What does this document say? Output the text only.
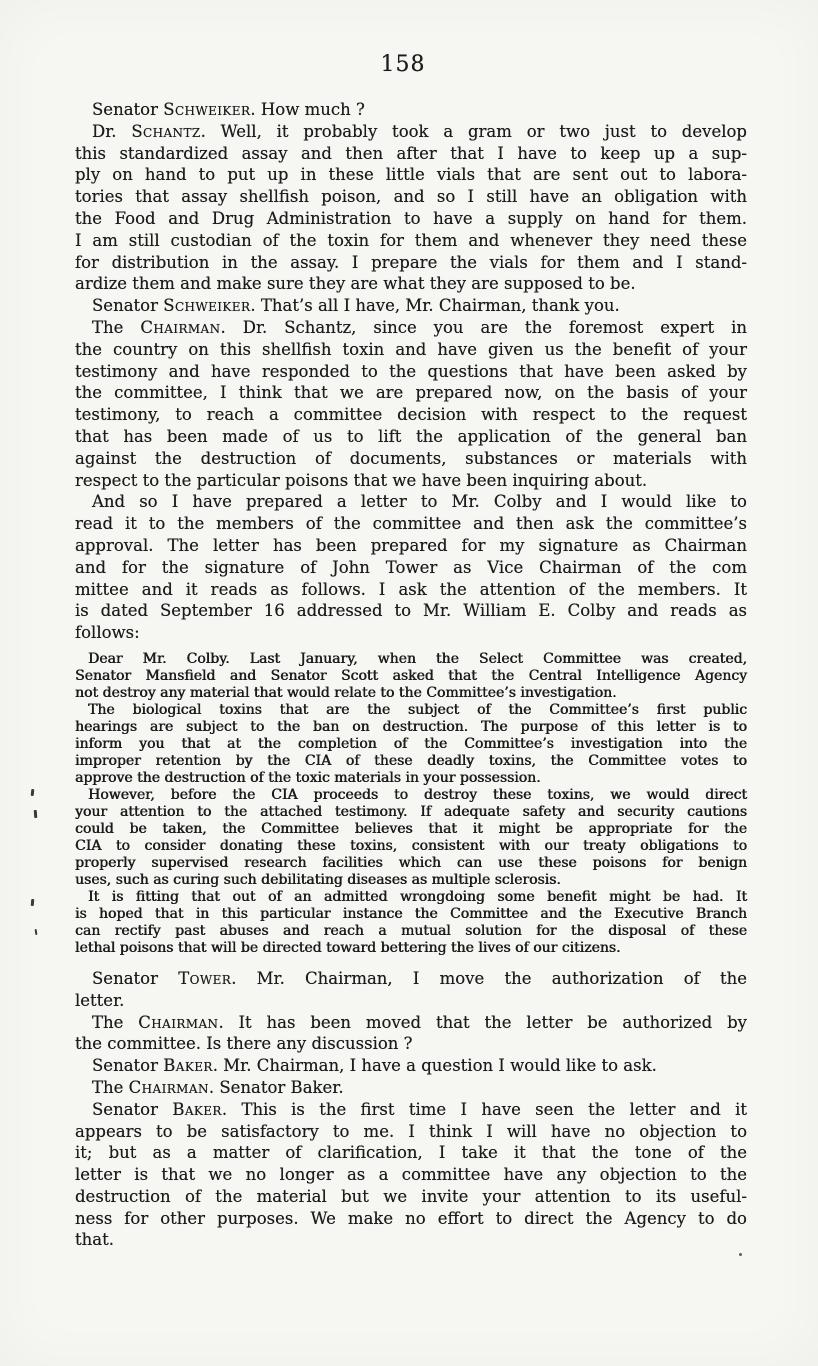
158
Senator Schweiker. How much ?
Dr. Schantz. Well, it probably took a gram or two just to develop
this standardized assay and then after that I have to keep up a sup-
ply on hand to put up in these little vials that are sent out to labora-
tories that assay shellfish poison, and so I still have an obligation with
the Food and Drug Administration to have a supply on hand for them.
I am still custodian of the toxin for them and whenever they need these
for distribution in the assay. I prepare the vials for them and I stand-
ardize them and make sure they are what they are supposed to be.
Senator Schweiker. That’s all I have, Mr. Chairman, thank you.
The Chairman. Dr. Schantz, since you are the foremost expert in
the country on this shellfish toxin and have given us the benefit of your
testimony and have responded to the questions that have been asked by
the committee, I think that we are prepared now, on the basis of your
testimony, to reach a committee decision with respect to the request
that has been made of us to lift the application of the general ban
against the destruction of documents, substances or materials with
respect to the particular poisons that we have been inquiring about.
And so I have prepared a letter to Mr. Colby and I would like to
read it to the members of the committee and then ask the committee’s
approval. The letter has been prepared for my signature as Chairman
and for the signature of John Tower as Vice Chairman of the com
mittee and it reads as follows. I ask the attention of the members. It
is dated September 16 addressed to Mr. William E. Colby and reads as
follows:
Dear Mr. Colby. Last January, when the Select Committee was created,
Senator Mansfield and Senator Scott asked that the Central Intelligence Agency
not destroy any material that would relate to the Committee’s investigation.
The biological toxins that are the subject of the Committee’s first public
hearings are subject to the ban on destruction. The purpose of this letter is to
inform you that at the completion of the Committee’s investigation into the
improper retention by the CIA of these deadly toxins, the Committee votes to
approve the destruction of the toxic materials in your possession.
However, before the CIA proceeds to destroy these toxins, we would direct
your attention to the attached testimony. If adequate safety and security cautions
could be taken, the Committee believes that it might be appropriate for the
CIA to consider donating these toxins, consistent with our treaty obligations to
properly supervised research facilities which can use these poisons for benign
uses, such as curing such debilitating diseases as multiple sclerosis.
It is fitting that out of an admitted wrongdoing some benefit might be had. It
is hoped that in this particular instance the Committee and the Executive Branch
can rectify past abuses and reach a mutual solution for the disposal of these
lethal poisons that will be directed toward bettering the lives of our citizens.
Senator Tower. Mr. Chairman, I move the authorization of the
letter.
The Chairman. It has been moved that the letter be authorized by
the committee. Is there any discussion ?
Senator Baker. Mr. Chairman, I have a question I would like to ask.
The Chairman. Senator Baker.
Senator Baker. This is the first time I have seen the letter and it
appears to be satisfactory to me. I think I will have no objection to
it; but as a matter of clarification, I take it that the tone of the
letter is that we no longer as a committee have any objection to the
destruction of the material but we invite your attention to its useful-
ness for other purposes. We make no effort to direct the Agency to do
that.
